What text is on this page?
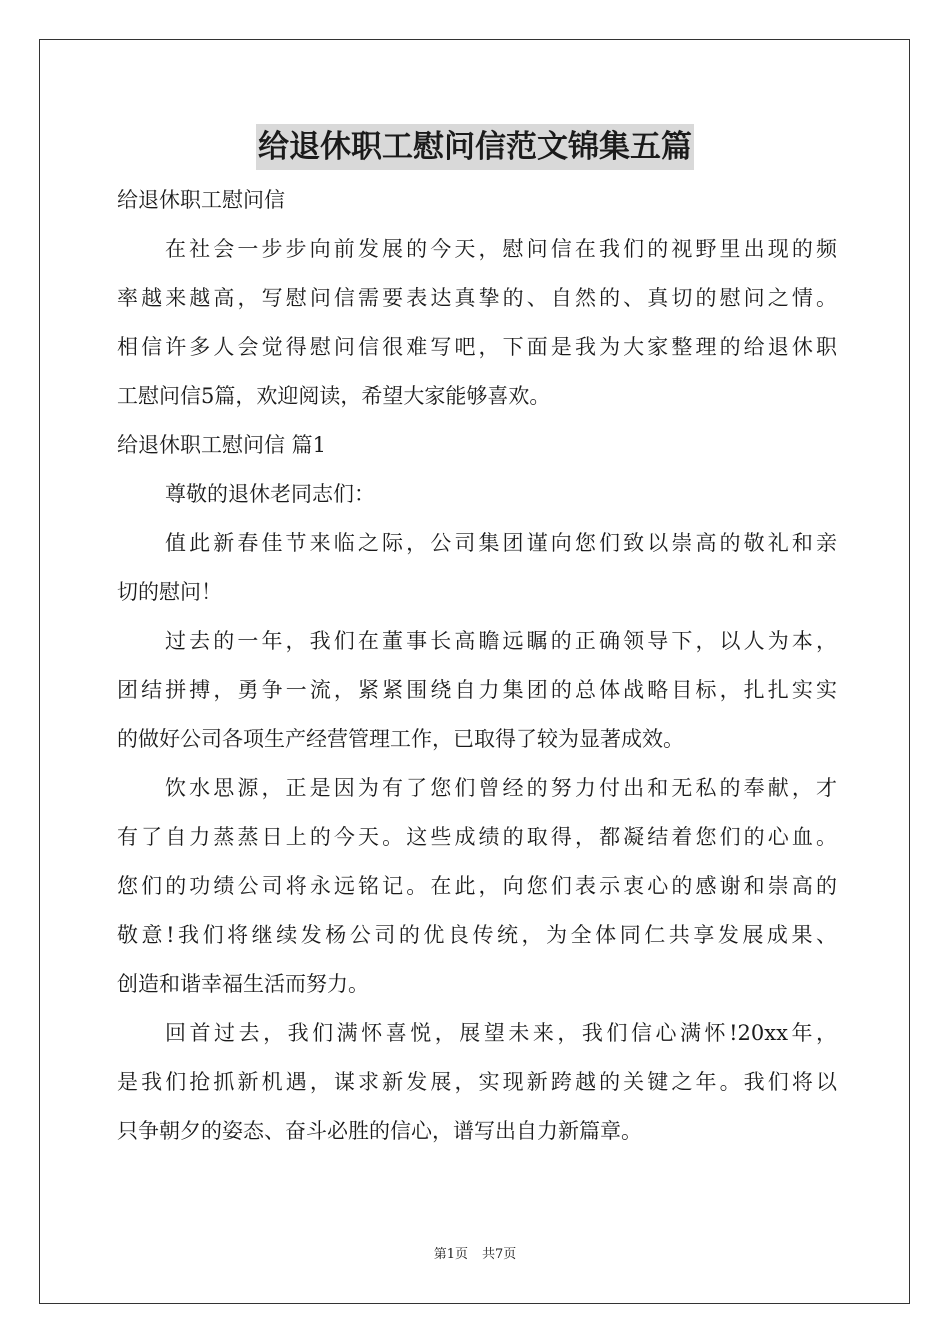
给退休职工慰问信范文锦集五篇
给退休职工慰问信
在社会一步步向前发展的今天，慰问信在我们的视野里出现的频
率越来越高，写慰问信需要表达真挚的、自然的、真切的慰问之情。
相信许多人会觉得慰问信很难写吧，下面是我为大家整理的给退休职
工慰问信5篇，欢迎阅读，希望大家能够喜欢。
给退休职工慰问信 篇1
尊敬的退休老同志们：
值此新春佳节来临之际，公司集团谨向您们致以崇高的敬礼和亲
切的慰问！
过去的一年，我们在董事长高瞻远瞩的正确领导下，以人为本，
团结拼搏，勇争一流，紧紧围绕自力集团的总体战略目标，扎扎实实
的做好公司各项生产经营管理工作，已取得了较为显著成效。
饮水思源，正是因为有了您们曾经的努力付出和无私的奉献，才
有了自力蒸蒸日上的今天。这些成绩的取得，都凝结着您们的心血。
您们的功绩公司将永远铭记。在此，向您们表示衷心的感谢和崇高的
敬意!我们将继续发杨公司的优良传统，为全体同仁共享发展成果、
创造和谐幸福生活而努力。
回首过去，我们满怀喜悦，展望未来，我们信心满怀!20xx年，
是我们抢抓新机遇，谋求新发展，实现新跨越的关键之年。我们将以
只争朝夕的姿态、奋斗必胜的信心，谱写出自力新篇章。
第1页 共7页
